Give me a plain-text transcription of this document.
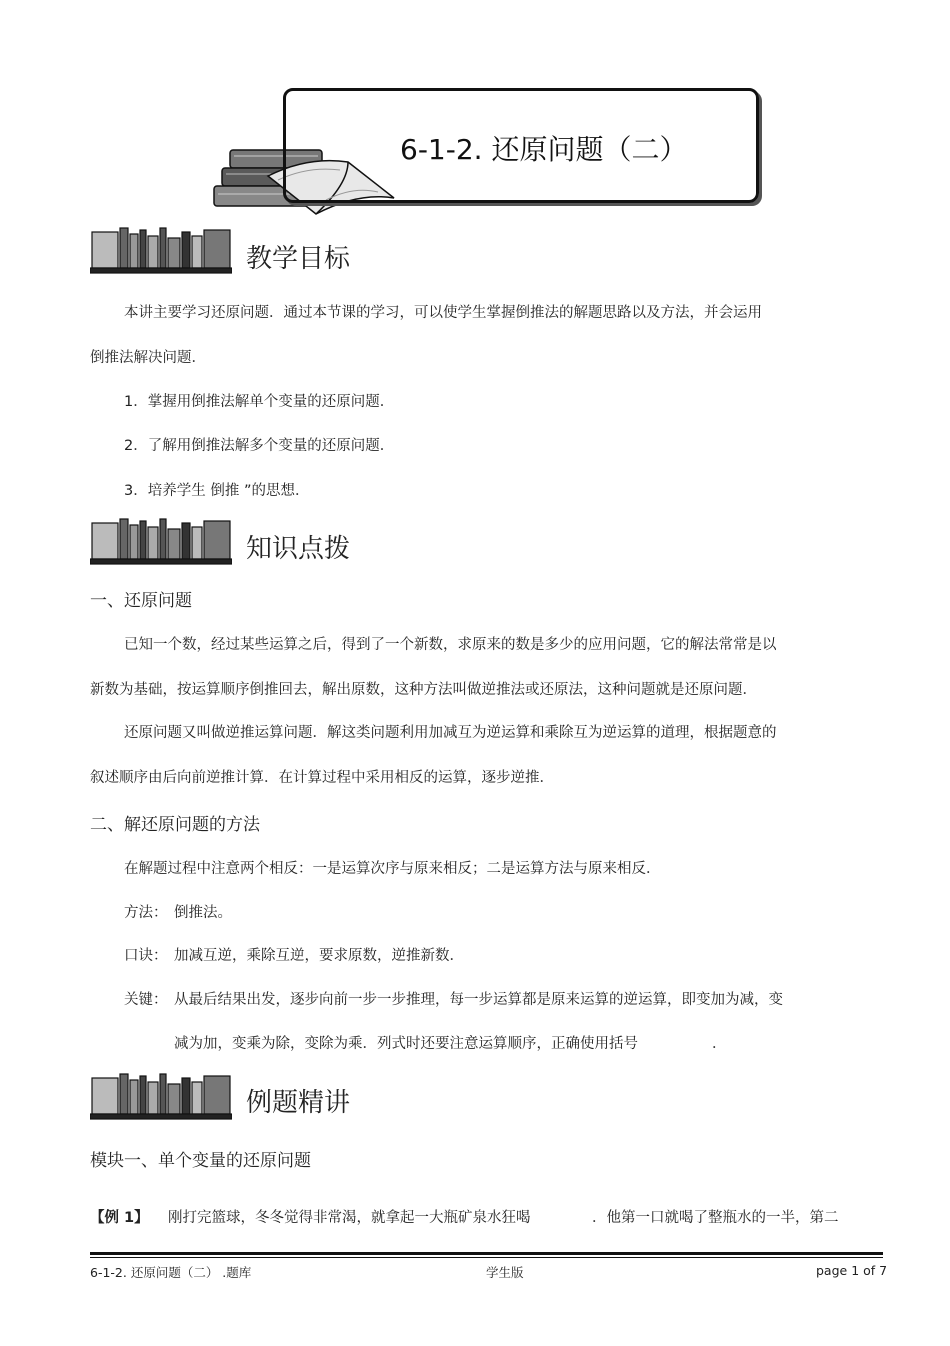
6-1-2. 还原问题（二）
教学目标
本讲主要学习还原问题．通过本节课的学习，可以使学生掌握倒推法的解题思路以及方法，并会运用
倒推法解决问题．
1．掌握用倒推法解单个变量的还原问题．
2．了解用倒推法解多个变量的还原问题．
3．培养学生 倒推 ”的思想．
知识点拨
一、还原问题
已知一个数，经过某些运算之后，得到了一个新数，求原来的数是多少的应用问题，它的解法常常是以
新数为基础，按运算顺序倒推回去，解出原数，这种方法叫做逆推法或还原法，这种问题就是还原问题．
还原问题又叫做逆推运算问题．解这类问题利用加减互为逆运算和乘除互为逆运算的道理，根据题意的
叙述顺序由后向前逆推计算．在计算过程中采用相反的运算，逐步逆推．
二、解还原问题的方法
在解题过程中注意两个相反：一是运算次序与原来相反；二是运算方法与原来相反．
方法： 倒推法。
口诀： 加减互逆，乘除互逆，要求原数，逆推新数．
关键： 从最后结果出发，逐步向前一步一步推理，每一步运算都是原来运算的逆运算，即变加为减，变
减为加，变乘为除，变除为乘．列式时还要注意运算顺序，正确使用括号	．
例题精讲
模块一、单个变量的还原问题
【例 1】 刚打完篮球，冬冬觉得非常渴，就拿起一大瓶矿泉水狂喝	．他第一口就喝了整瓶水的一半，第二
6-1-2. 还原问题（二） .题库	学生版	page 1 of 7
